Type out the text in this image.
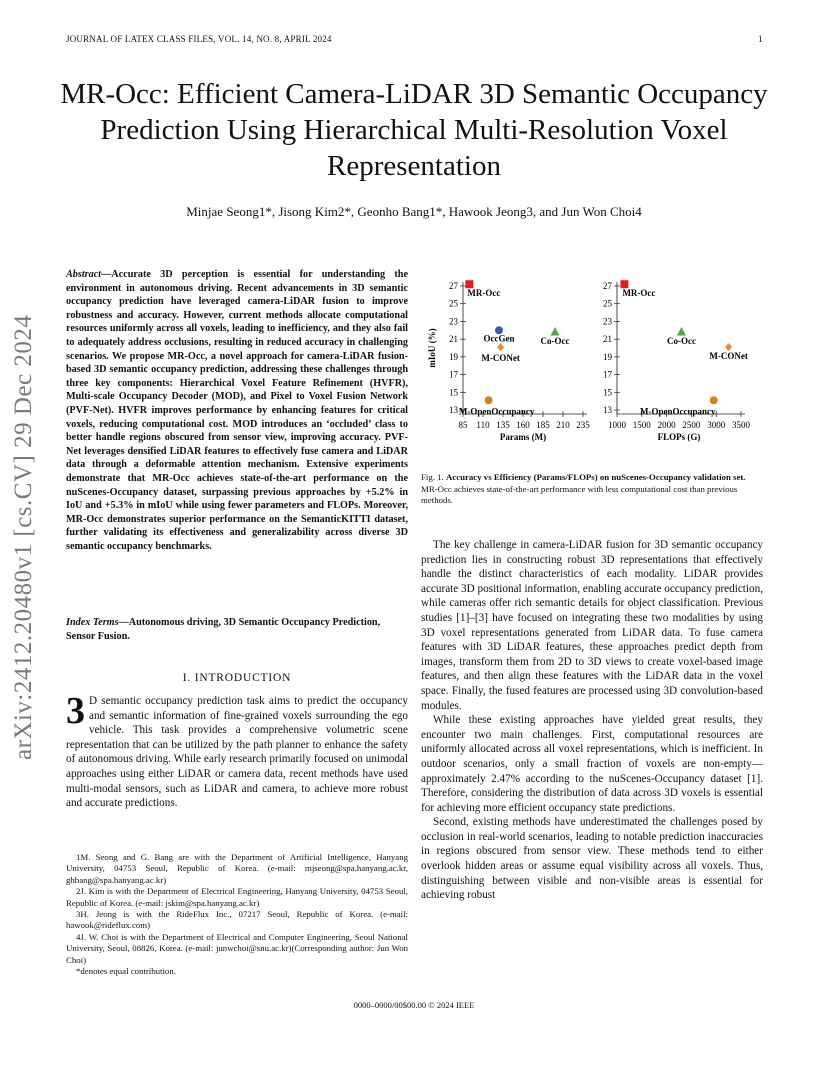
JOURNAL OF LATEX CLASS FILES, VOL. 14, NO. 8, APRIL 2024	1
arXiv:2412.20480v1 [cs.CV] 29 Dec 2024
MR-Occ: Efficient Camera-LiDAR 3D Semantic Occupancy Prediction Using Hierarchical Multi-Resolution Voxel Representation
Minjae Seong1*, Jisong Kim2*, Geonho Bang1*, Hawook Jeong3, and Jun Won Choi4
Abstract—Accurate 3D perception is essential for understanding the environment in autonomous driving. Recent advancements in 3D semantic occupancy prediction have leveraged camera-LiDAR fusion to improve robustness and accuracy. However, current methods allocate computational resources uniformly across all voxels, leading to inefficiency, and they also fail to adequately address occlusions, resulting in reduced accuracy in challenging scenarios. We propose MR-Occ, a novel approach for camera-LiDAR fusion-based 3D semantic occupancy prediction, addressing these challenges through three key components: Hierarchical Voxel Feature Refinement (HVFR), Multi-scale Occupancy Decoder (MOD), and Pixel to Voxel Fusion Network (PVF-Net). HVFR improves performance by enhancing features for critical voxels, reducing computational cost. MOD introduces an ‘occluded’ class to better handle regions obscured from sensor view, improving accuracy. PVF-Net leverages densified LiDAR features to effectively fuse camera and LiDAR data through a deformable attention mechanism. Extensive experiments demonstrate that MR-Occ achieves state-of-the-art performance on the nuScenes-Occupancy dataset, surpassing previous approaches by +5.2% in IoU and +5.3% in mIoU while using fewer parameters and FLOPs. Moreover, MR-Occ demonstrates superior performance on the SemanticKITTI dataset, further validating its effectiveness and generalizability across diverse 3D semantic occupancy benchmarks.
Index Terms—Autonomous driving, 3D Semantic Occupancy Prediction, Sensor Fusion.
I. INTRODUCTION
3 D semantic occupancy prediction task aims to predict the occupancy and semantic information of fine-grained voxels surrounding the ego vehicle. This task provides a comprehensive volumetric scene representation that can be utilized by the path planner to enhance the safety of autonomous driving. While early research primarily focused on unimodal approaches using either LiDAR or camera data, recent methods have used multi-modal sensors, such as LiDAR and camera, to achieve more robust and accurate predictions.

1M. Seong and G. Bang are with the Department of Artificial Intelligence, Hanyang University, 04753 Seoul, Republic of Korea. (e-mail: mjseong@spa.hanyang.ac.kr, ghbang@spa.hanyang.ac.kr)

2J. Kim is with the Department of Electrical Engineering, Hanyang University, 04753 Seoul, Republic of Korea. (e-mail: jskim@spa.hanyang.ac.kr)

3H. Jeong is with the RideFlux Inc., 07217 Seoul, Republic of Korea. (e-mail: hawook@rideflux.com)

4J. W. Choi is with the Department of Electrical and Computer Engineering, Seoul National University, Seoul, 08826, Korea. (e-mail: junwchoi@snu.ac.kr)(Corresponding author: Jun Won Choi)

*denotes equal contribution.

13
15
17
19
21
23
25
27
85 110 135 160 185 210 235
Params (M)
mIoU (%)
MR-Occ
OccGen	Co-Occ
M-CONet
M-OpenOccupancy	13
15
17
19
21
23
25
27
1000 1500 2000 2500 3000 3500
FLOPs (G)
MR-Occ
Co-Occ
M-CONet
M-OpenOccupancy
Fig. 1. Accuracy vs Efficiency (Params/FLOPs) on nuScenes-Occupancy validation set. MR-Occ achieves state-of-the-art performance with less computational cost than previous methods.

The key challenge in camera-LiDAR fusion for 3D semantic occupancy prediction lies in constructing robust 3D representations that effectively handle the distinct characteristics of each modality. LiDAR provides accurate 3D positional information, enabling accurate occupancy prediction, while cameras offer rich semantic details for object classification. Previous studies [1]–[3] have focused on integrating these two modalities by using 3D voxel representations generated from LiDAR data. To fuse camera features with 3D LiDAR features, these approaches predict depth from images, transform them from 2D to 3D views to create voxel-based image features, and then align these features with the LiDAR data in the voxel space. Finally, the fused features are processed using 3D convolution-based modules.

While these existing approaches have yielded great results, they encounter two main challenges. First, computational resources are uniformly allocated across all voxel representations, which is inefficient. In outdoor scenarios, only a small fraction of voxels are non-empty—approximately 2.47% according to the nuScenes-Occupancy dataset [1]. Therefore, considering the distribution of data across 3D voxels is essential for achieving more efficient occupancy state predictions.

Second, existing methods have underestimated the challenges posed by occlusion in real-world scenarios, leading to notable prediction inaccuracies in regions obscured from sensor view. These methods tend to either overlook hidden areas or assume equal visibility across all voxels. Thus, distinguishing between visible and non-visible areas is essential for achieving robust

0000–0000/00$00.00 © 2024 IEEE
